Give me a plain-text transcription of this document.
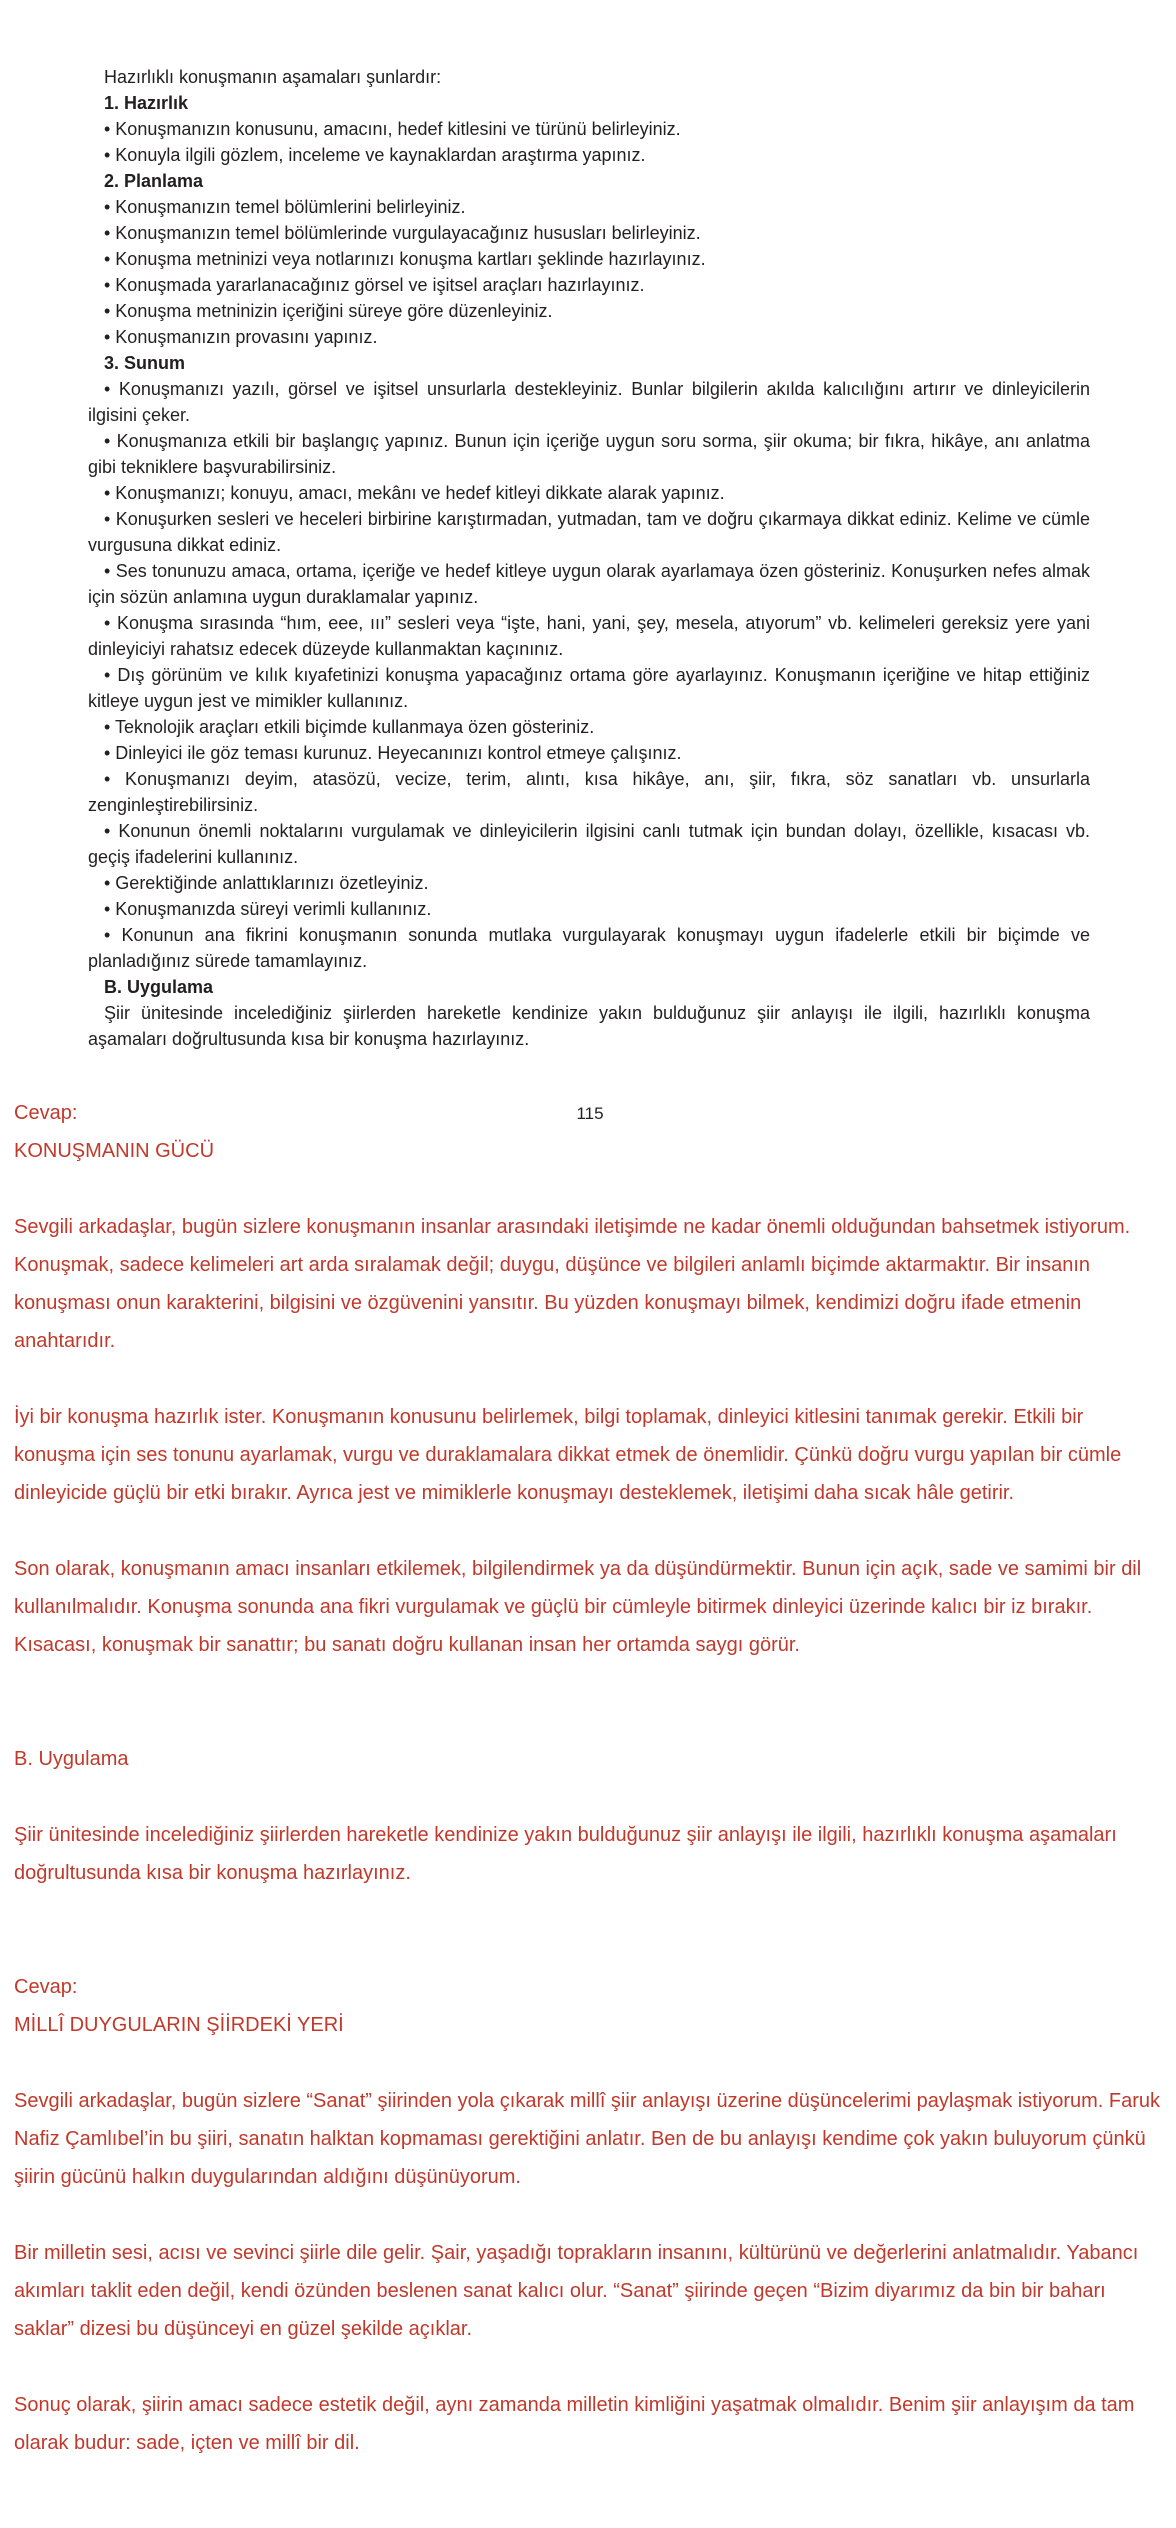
Hazırlıklı konuşmanın aşamaları şunlardır:

1. Hazırlık

• Konuşmanızın konusunu, amacını, hedef kitlesini ve türünü belirleyiniz.

• Konuyla ilgili gözlem, inceleme ve kaynaklardan araştırma yapınız.

2. Planlama

• Konuşmanızın temel bölümlerini belirleyiniz.

• Konuşmanızın temel bölümlerinde vurgulayacağınız hususları belirleyiniz.

• Konuşma metninizi veya notlarınızı konuşma kartları şeklinde hazırlayınız.

• Konuşmada yararlanacağınız görsel ve işitsel araçları hazırlayınız.

• Konuşma metninizin içeriğini süreye göre düzenleyiniz.

• Konuşmanızın provasını yapınız.

3. Sunum

• Konuşmanızı yazılı, görsel ve işitsel unsurlarla destekleyiniz. Bunlar bilgilerin akılda kalıcılığını artırır ve dinleyicilerin ilgisini çeker.

• Konuşmanıza etkili bir başlangıç yapınız. Bunun için içeriğe uygun soru sorma, şiir okuma; bir fıkra, hikâye, anı anlatma gibi tekniklere başvurabilirsiniz.

• Konuşmanızı; konuyu, amacı, mekânı ve hedef kitleyi dikkate alarak yapınız.

• Konuşurken sesleri ve heceleri birbirine karıştırmadan, yutmadan, tam ve doğru çıkarmaya dikkat ediniz. Kelime ve cümle vurgusuna dikkat ediniz.

• Ses tonunuzu amaca, ortama, içeriğe ve hedef kitleye uygun olarak ayarlamaya özen gösteriniz. Konuşurken nefes almak için sözün anlamına uygun duraklamalar yapınız.

• Konuşma sırasında “hım, eee, ııı” sesleri veya “işte, hani, yani, şey, mesela, atıyorum” vb. kelimeleri gereksiz yere yani dinleyiciyi rahatsız edecek düzeyde kullanmaktan kaçınınız.

• Dış görünüm ve kılık kıyafetinizi konuşma yapacağınız ortama göre ayarlayınız. Konuşmanın içeriğine ve hitap ettiğiniz kitleye uygun jest ve mimikler kullanınız.

• Teknolojik araçları etkili biçimde kullanmaya özen gösteriniz.

• Dinleyici ile göz teması kurunuz. Heyecanınızı kontrol etmeye çalışınız.

• Konuşmanızı deyim, atasözü, vecize, terim, alıntı, kısa hikâye, anı, şiir, fıkra, söz sanatları vb. unsurlarla zenginleştirebilirsiniz.

• Konunun önemli noktalarını vurgulamak ve dinleyicilerin ilgisini canlı tutmak için bundan dolayı, özellikle, kısacası vb. geçiş ifadelerini kullanınız.

• Gerektiğinde anlattıklarınızı özetleyiniz.

• Konuşmanızda süreyi verimli kullanınız.

• Konunun ana fikrini konuşmanın sonunda mutlaka vurgulayarak konuşmayı uygun ifadelerle etkili bir biçimde ve planladığınız sürede tamamlayınız.

B. Uygulama

Şiir ünitesinde incelediğiniz şiirlerden hareketle kendinize yakın bulduğunuz şiir anlayışı ile ilgili, hazırlıklı konuşma aşamaları doğrultusunda kısa bir konuşma hazırlayınız.

115

Cevap:

KONUŞMANIN GÜCÜ

Sevgili arkadaşlar, bugün sizlere konuşmanın insanlar arasındaki iletişimde ne kadar önemli olduğundan bahsetmek istiyorum. Konuşmak, sadece kelimeleri art arda sıralamak değil; duygu, düşünce ve bilgileri anlamlı biçimde aktarmaktır. Bir insanın konuşması onun karakterini, bilgisini ve özgüvenini yansıtır. Bu yüzden konuşmayı bilmek, kendimizi doğru ifade etmenin anahtarıdır.

İyi bir konuşma hazırlık ister. Konuşmanın konusunu belirlemek, bilgi toplamak, dinleyici kitlesini tanımak gerekir. Etkili bir konuşma için ses tonunu ayarlamak, vurgu ve duraklamalara dikkat etmek de önemlidir. Çünkü doğru vurgu yapılan bir cümle dinleyicide güçlü bir etki bırakır. Ayrıca jest ve mimiklerle konuşmayı desteklemek, iletişimi daha sıcak hâle getirir.

Son olarak, konuşmanın amacı insanları etkilemek, bilgilendirmek ya da düşündürmektir. Bunun için açık, sade ve samimi bir dil kullanılmalıdır. Konuşma sonunda ana fikri vurgulamak ve güçlü bir cümleyle bitirmek dinleyici üzerinde kalıcı bir iz bırakır. Kısacası, konuşmak bir sanattır; bu sanatı doğru kullanan insan her ortamda saygı görür.

B. Uygulama

Şiir ünitesinde incelediğiniz şiirlerden hareketle kendinize yakın bulduğunuz şiir anlayışı ile ilgili, hazırlıklı konuşma aşamaları doğrultusunda kısa bir konuşma hazırlayınız.

Cevap:

MİLLÎ DUYGULARIN ŞİİRDEKİ YERİ

Sevgili arkadaşlar, bugün sizlere “Sanat” şiirinden yola çıkarak millî şiir anlayışı üzerine düşüncelerimi paylaşmak istiyorum. Faruk Nafiz Çamlıbel’in bu şiiri, sanatın halktan kopmaması gerektiğini anlatır. Ben de bu anlayışı kendime çok yakın buluyorum çünkü şiirin gücünü halkın duygularından aldığını düşünüyorum.

Bir milletin sesi, acısı ve sevinci şiirle dile gelir. Şair, yaşadığı toprakların insanını, kültürünü ve değerlerini anlatmalıdır. Yabancı akımları taklit eden değil, kendi özünden beslenen sanat kalıcı olur. “Sanat” şiirinde geçen “Bizim diyarımız da bin bir baharı saklar” dizesi bu düşünceyi en güzel şekilde açıklar.

Sonuç olarak, şiirin amacı sadece estetik değil, aynı zamanda milletin kimliğini yaşatmak olmalıdır. Benim şiir anlayışım da tam olarak budur: sade, içten ve millî bir dil.
